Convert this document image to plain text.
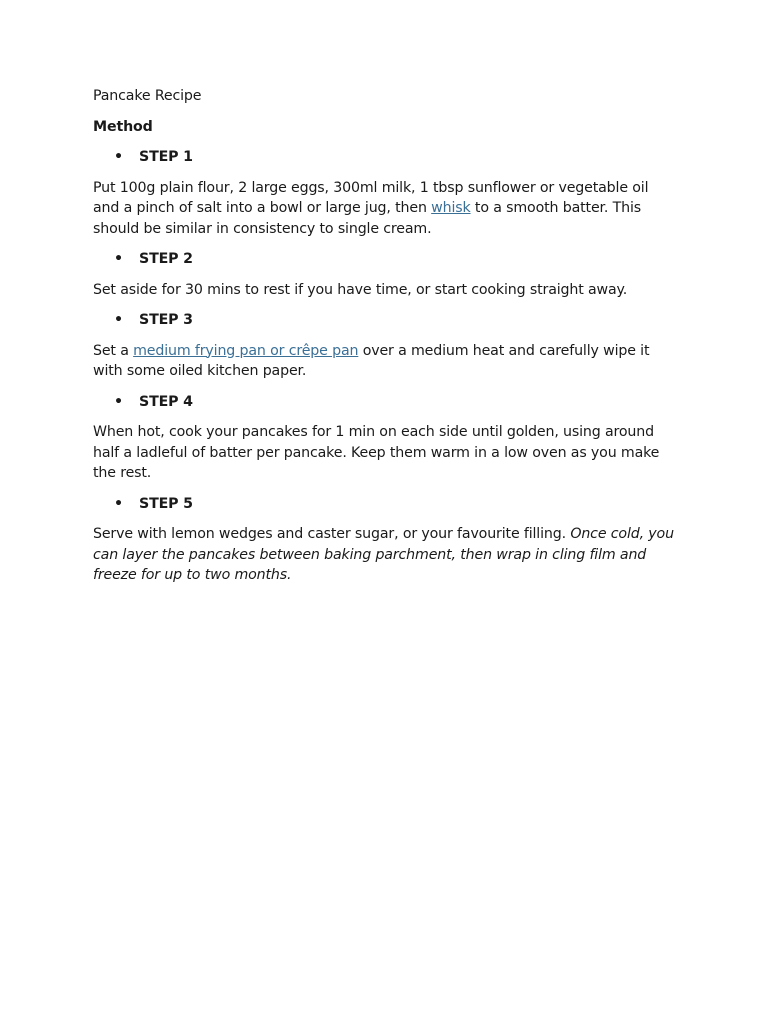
Pancake Recipe

Method

• STEP 1

Put 100g plain flour, 2 large eggs, 300ml milk, 1 tbsp sunflower or vegetable oil and a pinch of salt into a bowl or large jug, then whisk to a smooth batter. This should be similar in consistency to single cream.

• STEP 2

Set aside for 30 mins to rest if you have time, or start cooking straight away.

• STEP 3

Set a medium frying pan or crêpe pan over a medium heat and carefully wipe it with some oiled kitchen paper.

• STEP 4

When hot, cook your pancakes for 1 min on each side until golden, using around half a ladleful of batter per pancake. Keep them warm in a low oven as you make the rest.

• STEP 5

Serve with lemon wedges and caster sugar, or your favourite filling. Once cold, you can layer the pancakes between baking parchment, then wrap in cling film and freeze for up to two months.
